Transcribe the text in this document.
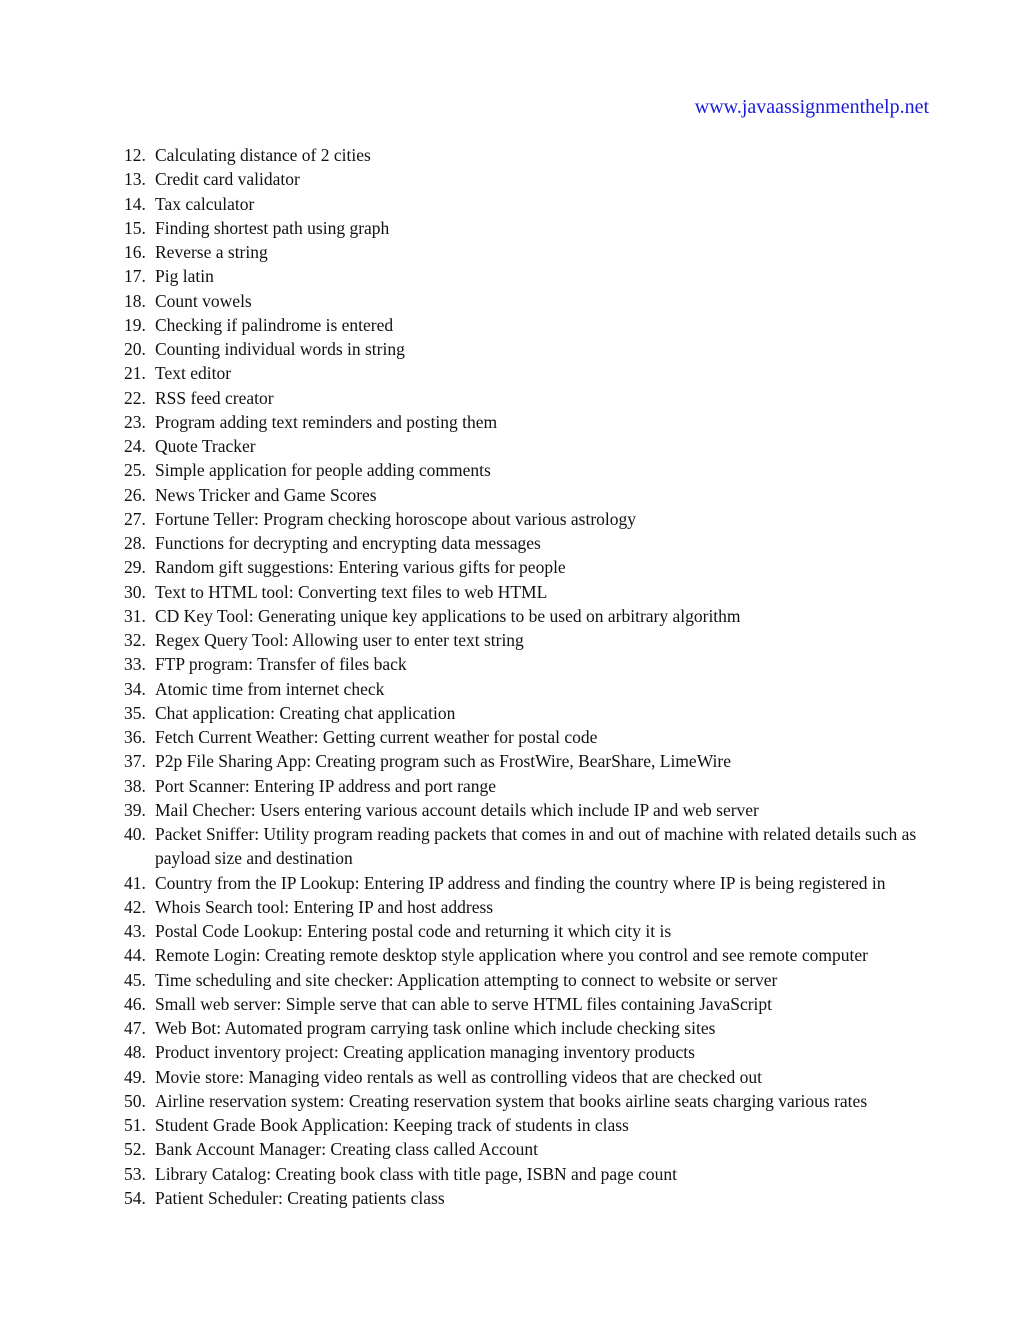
www.javaassignmenthelp.net
12. Calculating distance of 2 cities
13. Credit card validator
14. Tax calculator
15. Finding shortest path using graph
16. Reverse a string
17. Pig latin
18. Count vowels
19. Checking if palindrome is entered
20. Counting individual words in string
21. Text editor
22. RSS feed creator
23. Program adding text reminders and posting them
24. Quote Tracker
25. Simple application for people adding comments
26. News Tricker and Game Scores
27. Fortune Teller: Program checking horoscope about various astrology
28. Functions for decrypting and encrypting data messages
29. Random gift suggestions: Entering various gifts for people
30. Text to HTML tool: Converting text files to web HTML
31. CD Key Tool: Generating unique key applications to be used on arbitrary algorithm
32. Regex Query Tool: Allowing user to enter text string
33. FTP program: Transfer of files back
34. Atomic time from internet check
35. Chat application: Creating chat application
36. Fetch Current Weather: Getting current weather for postal code
37. P2p File Sharing App: Creating program such as FrostWire, BearShare, LimeWire
38. Port Scanner: Entering IP address and port range
39. Mail Checher: Users entering various account details which include IP and web server
40. Packet Sniffer: Utility program reading packets that comes in and out of machine with related details such as payload size and destination
41. Country from the IP Lookup: Entering IP address and finding the country where IP is being registered in
42. Whois Search tool: Entering IP and host address
43. Postal Code Lookup: Entering postal code and returning it which city it is
44. Remote Login: Creating remote desktop style application where you control and see remote computer
45. Time scheduling and site checker: Application attempting to connect to website or server
46. Small web server: Simple serve that can able to serve HTML files containing JavaScript
47. Web Bot: Automated program carrying task online which include checking sites
48. Product inventory project: Creating application managing inventory products
49. Movie store: Managing video rentals as well as controlling videos that are checked out
50. Airline reservation system: Creating reservation system that books airline seats charging various rates
51. Student Grade Book Application: Keeping track of students in class
52. Bank Account Manager: Creating class called Account
53. Library Catalog: Creating book class with title page, ISBN and page count
54. Patient Scheduler: Creating patients class
